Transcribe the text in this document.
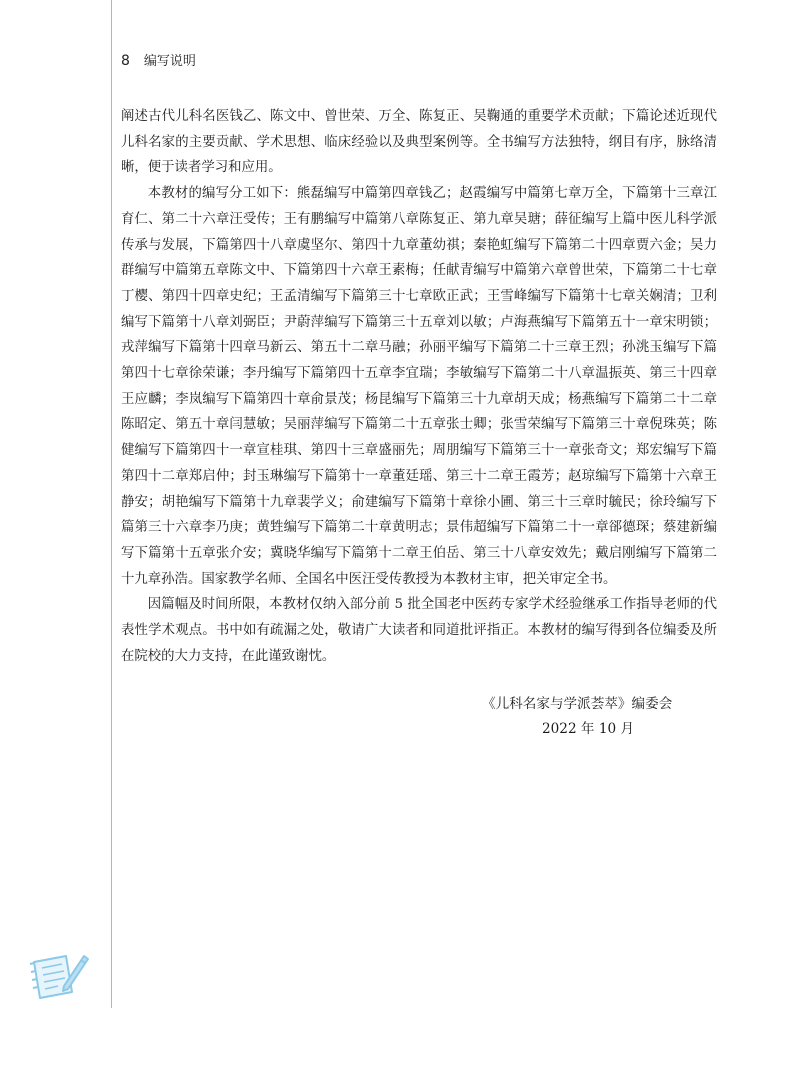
8 编写说明

阐述古代儿科名医钱乙、陈文中、曾世荣、万全、陈复正、吴鞠通的重要学术贡献；下篇论述近现代儿科名家的主要贡献、学术思想、临床经验以及典型案例等。全书编写方法独特，纲目有序，脉络清晰，便于读者学习和应用。

本教材的编写分工如下：熊磊编写中篇第四章钱乙；赵霞编写中篇第七章万全，下篇第十三章江育仁、第二十六章汪受传；王有鹏编写中篇第八章陈复正、第九章吴瑭；薛征编写上篇中医儿科学派传承与发展，下篇第四十八章虞坚尔、第四十九章董幼祺；秦艳虹编写下篇第二十四章贾六金；吴力群编写中篇第五章陈文中、下篇第四十六章王素梅；任献青编写中篇第六章曾世荣，下篇第二十七章丁樱、第四十四章史纪；王孟清编写下篇第三十七章欧正武；王雪峰编写下篇第十七章关娴清；卫利编写下篇第十八章刘弼臣；尹蔚萍编写下篇第三十五章刘以敏；卢海燕编写下篇第五十一章宋明锁；戎萍编写下篇第十四章马新云、第五十二章马融；孙丽平编写下篇第二十三章王烈；孙洮玉编写下篇第四十七章徐荣谦；李丹编写下篇第四十五章李宜瑞；李敏编写下篇第二十八章温振英、第三十四章王应麟；李岚编写下篇第四十章俞景茂；杨昆编写下篇第三十九章胡天成；杨燕编写下篇第二十二章陈昭定、第五十章闫慧敏；吴丽萍编写下篇第二十五章张士卿；张雪荣编写下篇第三十章倪珠英；陈健编写下篇第四十一章宣桂琪、第四十三章盛丽先；周朋编写下篇第三十一章张奇文；郑宏编写下篇第四十二章郑启仲；封玉琳编写下篇第十一章董廷瑶、第三十二章王霞芳；赵琼编写下篇第十六章王静安；胡艳编写下篇第十九章裴学义；俞建编写下篇第十章徐小圃、第三十三章时毓民；徐玲编写下篇第三十六章李乃庚；黄甡编写下篇第二十章黄明志；景伟超编写下篇第二十一章郤德琛；蔡建新编写下篇第十五章张介安；冀晓华编写下篇第十二章王伯岳、第三十八章安效先；戴启刚编写下篇第二十九章孙浩。国家教学名师、全国名中医汪受传教授为本教材主审，把关审定全书。

因篇幅及时间所限，本教材仅纳入部分前 5 批全国老中医药专家学术经验继承工作指导老师的代表性学术观点。书中如有疏漏之处，敬请广大读者和同道批评指正。本教材的编写得到各位编委及所在院校的大力支持，在此谨致谢忱。

《儿科名家与学派荟萃》编委会
2022 年 10 月
